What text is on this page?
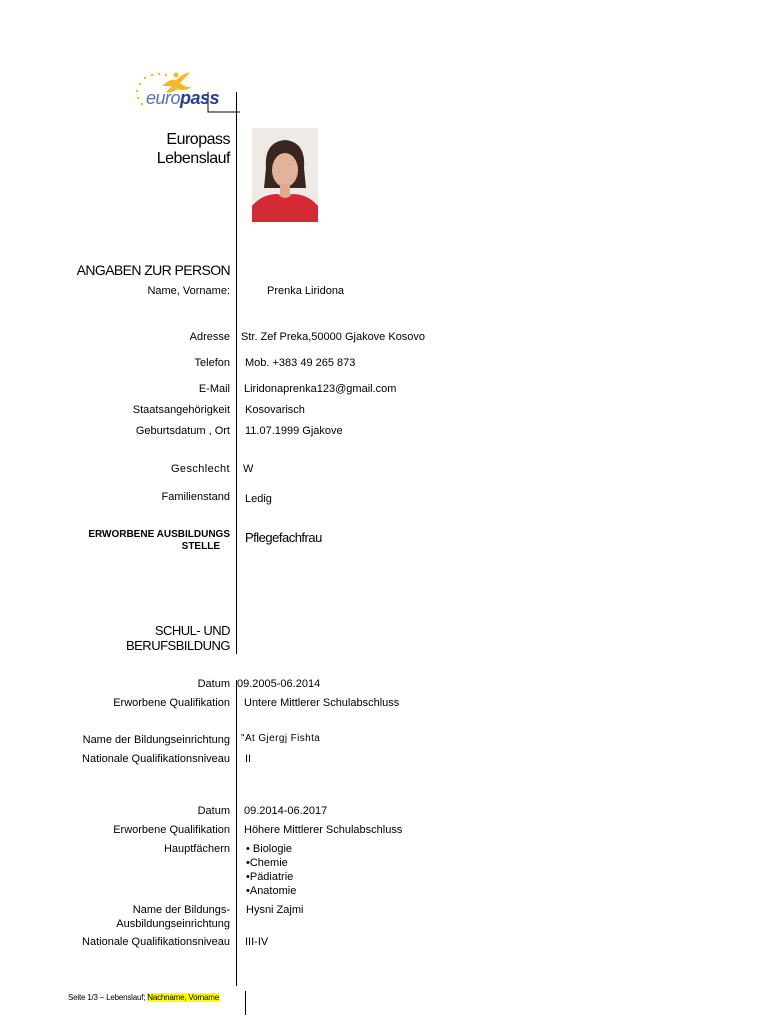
europass
Europass
Lebenslauf
ANGABEN ZUR PERSON
Name, Vorname:	Prenka Liridona
Adresse Str. Zef Preka,50000 Gjakove Kosovo
Telefon Mob. +383 49 265 873
E-Mail Liridonaprenka123@gmail.com
Staatsangehörigkeit Kosovarisch
Geburtsdatum , Ort 11.07.1999 Gjakove
Geschlecht W
Familienstand Ledig
ERWORBENE AUSBILDUNGS
STELLE
Pflegefachfrau
SCHUL- UND
BERUFSBILDUNG
Datum 09.2005-06.2014
Erworbene Qualifikation Untere Mittlerer Schulabschluss
Name der Bildungseinrichtung "At Gjergj Fishta
Nationale Qualifikationsniveau II
Datum 09.2014-06.2017
Erworbene Qualifikation Höhere Mittlerer Schulabschluss
Hauptfächern • Biologie
•Chemie
•Pädiatrie
•Anatomie
Name der Bildungs-
Ausbildungseinrichtung
Hysni Zajmi
Nationale Qualifikationsniveau III-IV
Seite 1/3 – Lebenslauf; Nachname, Vorname
